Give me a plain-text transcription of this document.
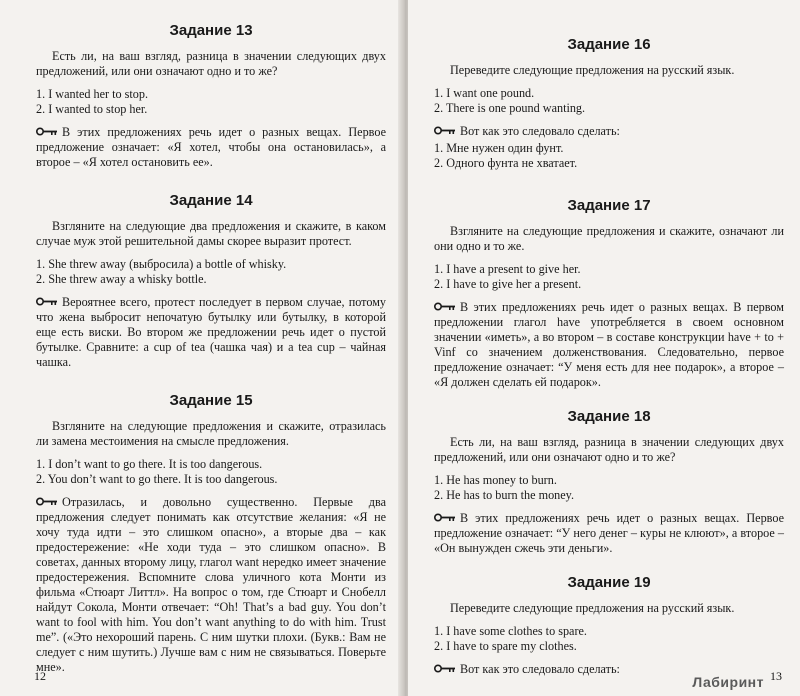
Задание 13

Есть ли, на ваш взгляд, разница в значении следующих двух предложений, или они означают одно и то же?

1. I wanted her to stop.
2. I wanted to stop her.
В этих предложениях речь идет о разных вещах. Первое предложение означает: «Я хотел, чтобы она остановилась», а второе – «Я хотел остановить ее».
Задание 14

Взгляните на следующие два предложения и скажите, в каком случае муж этой решительной дамы скорее выразит протест.

1. She threw away (выбросила) a bottle of whisky.
2. She threw away a whisky bottle.
Вероятнее всего, протест последует в первом случае, потому что жена выбросит непочатую бутылку или бутылку, в которой еще есть виски. Во втором же предложении речь идет о пустой бутылке. Сравните: a cup of tea (чашка чая) и a tea cup – чайная чашка.
Задание 15

Взгляните на следующие предложения и скажите, отразилась ли замена местоимения на смысле предложения.

1. I don’t want to go there. It is too dangerous.
2. You don’t want to go there. It is too dangerous.
Отразилась, и довольно существенно. Первые два предложения следует понимать как отсутствие желания: «Я не хочу туда идти – это слишком опасно», а вторые два – как предостережение: «Не ходи туда – это слишком опасно». В советах, данных второму лицу, глагол want нередко имеет значение предостережения. Вспомните слова уличного кота Монти из фильма «Стюарт Литтл». На вопрос о том, где Стюарт и Снобелл найдут Сокола, Монти отвечает: “Oh! That’s a bad guy. You don’t want to fool with him. You don’t want anything to do with him. Trust me”. («Это нехороший парень. С ним шутки плохи. (Букв.: Вам не следует с ним шутить.) Лучше вам с ним не связываться. Поверьте мне».
12
Задание 16

Переведите следующие предложения на русский язык.

1. I want one pound.
2. There is one pound wanting.
Вот как это следовало сделать:
1. Мне нужен один фунт.
2. Одного фунта не хватает.
Задание 17

Взгляните на следующие предложения и скажите, означают ли они одно и то же.

1. I have a present to give her.
2. I have to give her a present.
В этих предложениях речь идет о разных вещах. В первом предложении глагол have употребляется в своем основном значении «иметь», а во втором – в составе конструкции have + to + Vinf со значением долженствования. Следовательно, первое предложение означает: “У меня есть для нее подарок», а второе – «Я должен сделать ей подарок».
Задание 18

Есть ли, на ваш взгляд, разница в значении следующих двух предложений, или они означают одно и то же?

1. He has money to burn.
2. He has to burn the money.
В этих предложениях речь идет о разных вещах. Первое предложение означает: “У него денег – куры не клюют», а второе – «Он вынужден сжечь эти деньги».
Задание 19

Переведите следующие предложения на русский язык.

1. I have some clothes to spare.
2. I have to spare my clothes.
Вот как это следовало сделать:
Лабиринт 13
